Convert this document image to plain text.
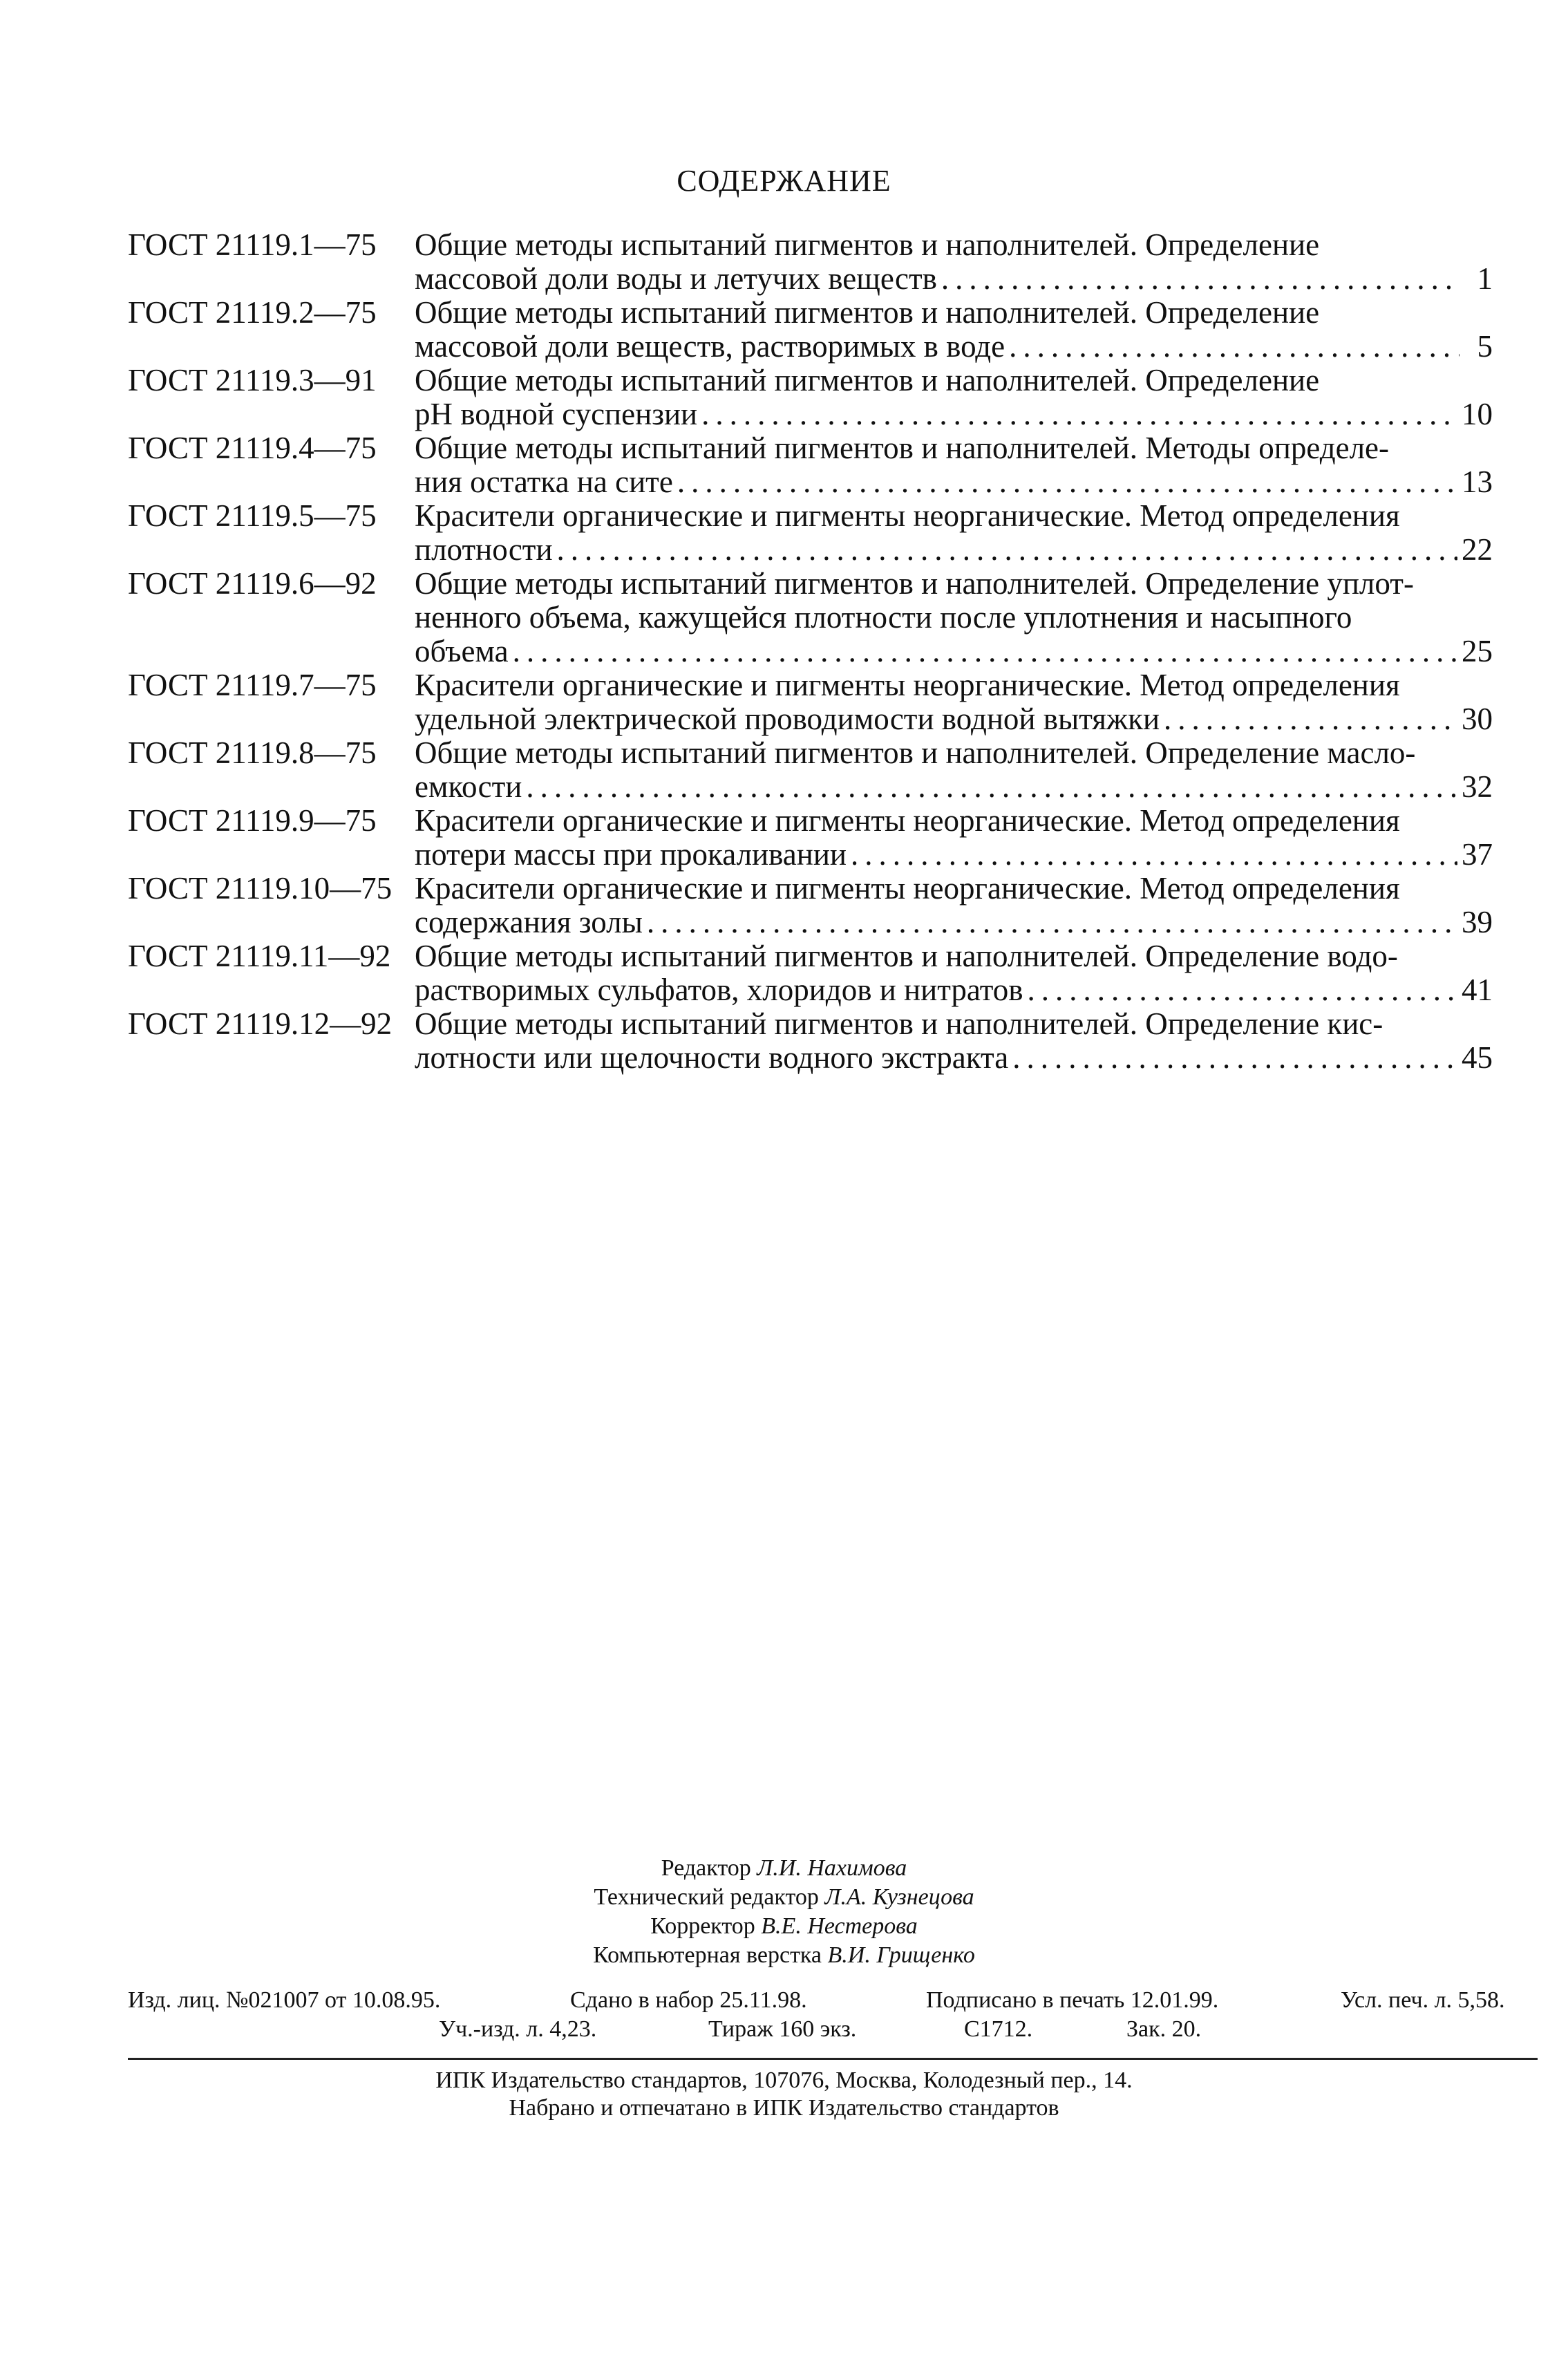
СОДЕРЖАНИЕ
ГОСТ 21119.1—75	Общие методы испытаний пигментов и наполнителей. Определение
массовой доли воды и летучих веществ .....	1
ГОСТ 21119.2—75	Общие методы испытаний пигментов и наполнителей. Определение
массовой доли веществ, растворимых в воде .....	5
ГОСТ 21119.3—91	Общие методы испытаний пигментов и наполнителей. Определение
pH водной суспензии .....	10
ГОСТ 21119.4—75	Общие методы испытаний пигментов и наполнителей. Методы определе-
ния остатка на сите .....	13
ГОСТ 21119.5—75	Красители органические и пигменты неорганические. Метод определения
плотности .....	22
ГОСТ 21119.6—92	Общие методы испытаний пигментов и наполнителей. Определение уплот-
ненного объема, кажущейся плотности после уплотнения и насыпного
объема .....	25
ГОСТ 21119.7—75	Красители органические и пигменты неорганические. Метод определения
удельной электрической проводимости водной вытяжки .....	30
ГОСТ 21119.8—75	Общие методы испытаний пигментов и наполнителей. Определение масло-
емкости .....	32
ГОСТ 21119.9—75	Красители органические и пигменты неорганические. Метод определения
потери массы при прокаливании .....	37
ГОСТ 21119.10—75 Красители органические и пигменты неорганические. Метод определения
содержания золы .....	39
ГОСТ 21119.11—92 Общие методы испытаний пигментов и наполнителей. Определение водо-
растворимых сульфатов, хлоридов и нитратов .....	41
ГОСТ 21119.12—92 Общие методы испытаний пигментов и наполнителей. Определение кис-
лотности или щелочности водного экстракта .....	45
Редактор Л.И. Нахимова
Технический редактор Л.А. Кузнецова
Корректор В.Е. Нестерова
Компьютерная верстка В.И. Грищенко
Изд. лиц. №021007 от 10.08.95.	Сдано в набор 25.11.98.	Подписано в печать 12.01.99.	Усл. печ. л. 5,58.
Уч.-изд. л. 4,23.	Тираж 160 экз.	С1712.	Зак. 20.
ИПК Издательство стандартов, 107076, Москва, Колодезный пер., 14.
Набрано и отпечатано в ИПК Издательство стандартов
